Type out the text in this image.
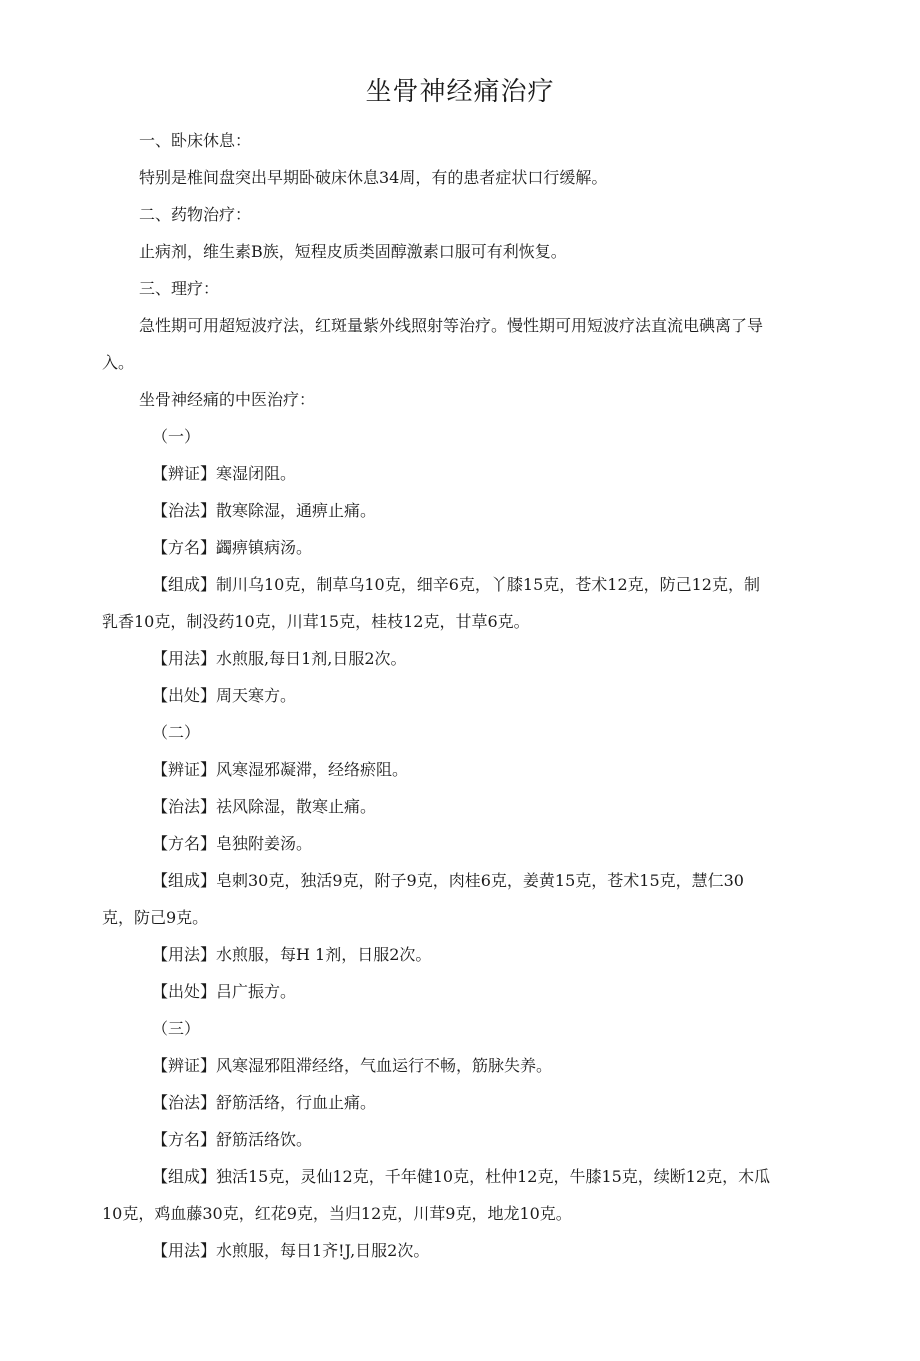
坐骨神经痛治疗

一、卧床休息：

特别是椎间盘突出早期卧破床休息34周，有的患者症状口行缓解。

二、药物治疗：

止病剂，维生素B族，短程皮质类固醇激素口服可有利恢复。

三、理疗：

急性期可用超短波疗法，红斑量紫外线照射等治疗。慢性期可用短波疗法直流电碘离了导入。

坐骨神经痛的中医治疗：

（一）

【辨证】寒湿闭阻。

【治法】散寒除湿，通痹止痛。

【方名】蠲痹镇病汤。

【组成】制川乌10克，制草乌10克，细辛6克，丫膝15克，苍术12克，防己12克，制乳香10克，制没药10克，川茸15克，桂枝12克，甘草6克。

【用法】水煎服,每日1剂,日服2次。

【出处】周天寒方。

（二）

【辨证】风寒湿邪凝滞，经络瘀阻。

【治法】祛风除湿，散寒止痛。

【方名】皂独附姜汤。

【组成】皂刺30克，独活9克，附子9克，肉桂6克，姜黄15克，苍术15克，慧仁30克，防己9克。

【用法】水煎服，每H 1剂，日服2次。

【出处】吕广振方。

（三）

【辨证】风寒湿邪阻滞经络，气血运行不畅，筋脉失养。

【治法】舒筋活络，行血止痛。

【方名】舒筋活络饮。

【组成】独活15克，灵仙12克，千年健10克，杜仲12克，牛膝15克，续断12克，木瓜10克，鸡血藤30克，红花9克，当归12克，川茸9克，地龙10克。

【用法】水煎服，每日1齐!J,日服2次。
